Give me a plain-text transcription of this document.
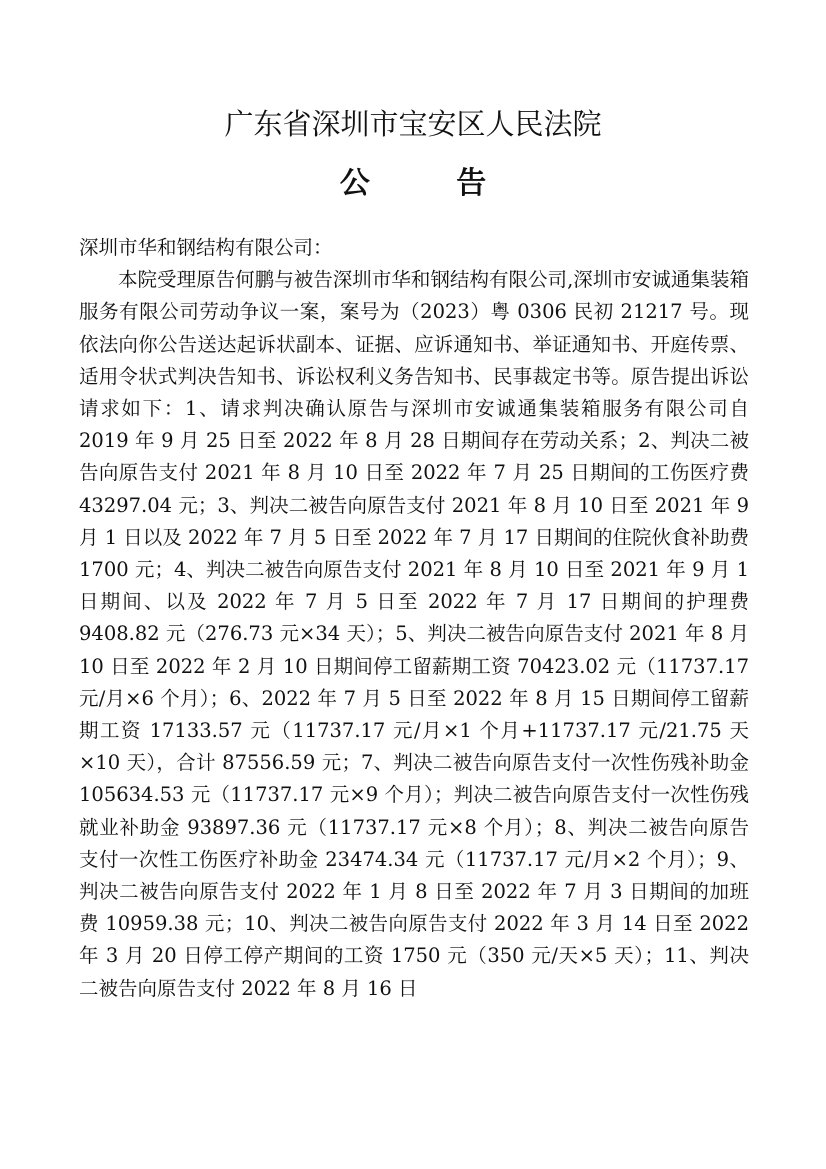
广东省深圳市宝安区人民法院
公 告

深圳市华和钢结构有限公司：

本院受理原告何鹏与被告深圳市华和钢结构有限公司,深圳市安诚通集装箱服务有限公司劳动争议一案，案号为（2023）粤 0306 民初 21217 号。现依法向你公告送达起诉状副本、证据、应诉通知书、举证通知书、开庭传票、适用令状式判决告知书、诉讼权利义务告知书、民事裁定书等。原告提出诉讼请求如下：1、请求判决确认原告与深圳市安诚通集装箱服务有限公司自 2019 年 9 月 25 日至 2022 年 8 月 28 日期间存在劳动关系；2、判决二被告向原告支付 2021 年 8 月 10 日至 2022 年 7 月 25 日期间的工伤医疗费 43297.04 元；3、判决二被告向原告支付 2021 年 8 月 10 日至 2021 年 9 月 1 日以及 2022 年 7 月 5 日至 2022 年 7 月 17 日期间的住院伙食补助费 1700 元；4、判决二被告向原告支付 2021 年 8 月 10 日至 2021 年 9 月 1 日期间、以及 2022 年 7 月 5 日至 2022 年 7 月 17 日期间的护理费 9408.82 元（276.73 元×34 天）；5、判决二被告向原告支付 2021 年 8 月 10 日至 2022 年 2 月 10 日期间停工留薪期工资 70423.02 元（11737.17 元/月×6 个月）；6、2022 年 7 月 5 日至 2022 年 8 月 15 日期间停工留薪期工资 17133.57 元（11737.17 元/月×1 个月+11737.17 元/21.75 天×10 天），合计 87556.59 元；7、判决二被告向原告支付一次性伤残补助金 105634.53 元（11737.17 元×9 个月）；判决二被告向原告支付一次性伤残就业补助金 93897.36 元（11737.17 元×8 个月）；8、判决二被告向原告支付一次性工伤医疗补助金 23474.34 元（11737.17 元/月×2 个月）；9、判决二被告向原告支付 2022 年 1 月 8 日至 2022 年 7 月 3 日期间的加班费 10959.38 元；10、判决二被告向原告支付 2022 年 3 月 14 日至 2022 年 3 月 20 日停工停产期间的工资 1750 元（350 元/天×5 天）；11、判决二被告向原告支付 2022 年 8 月 16 日
